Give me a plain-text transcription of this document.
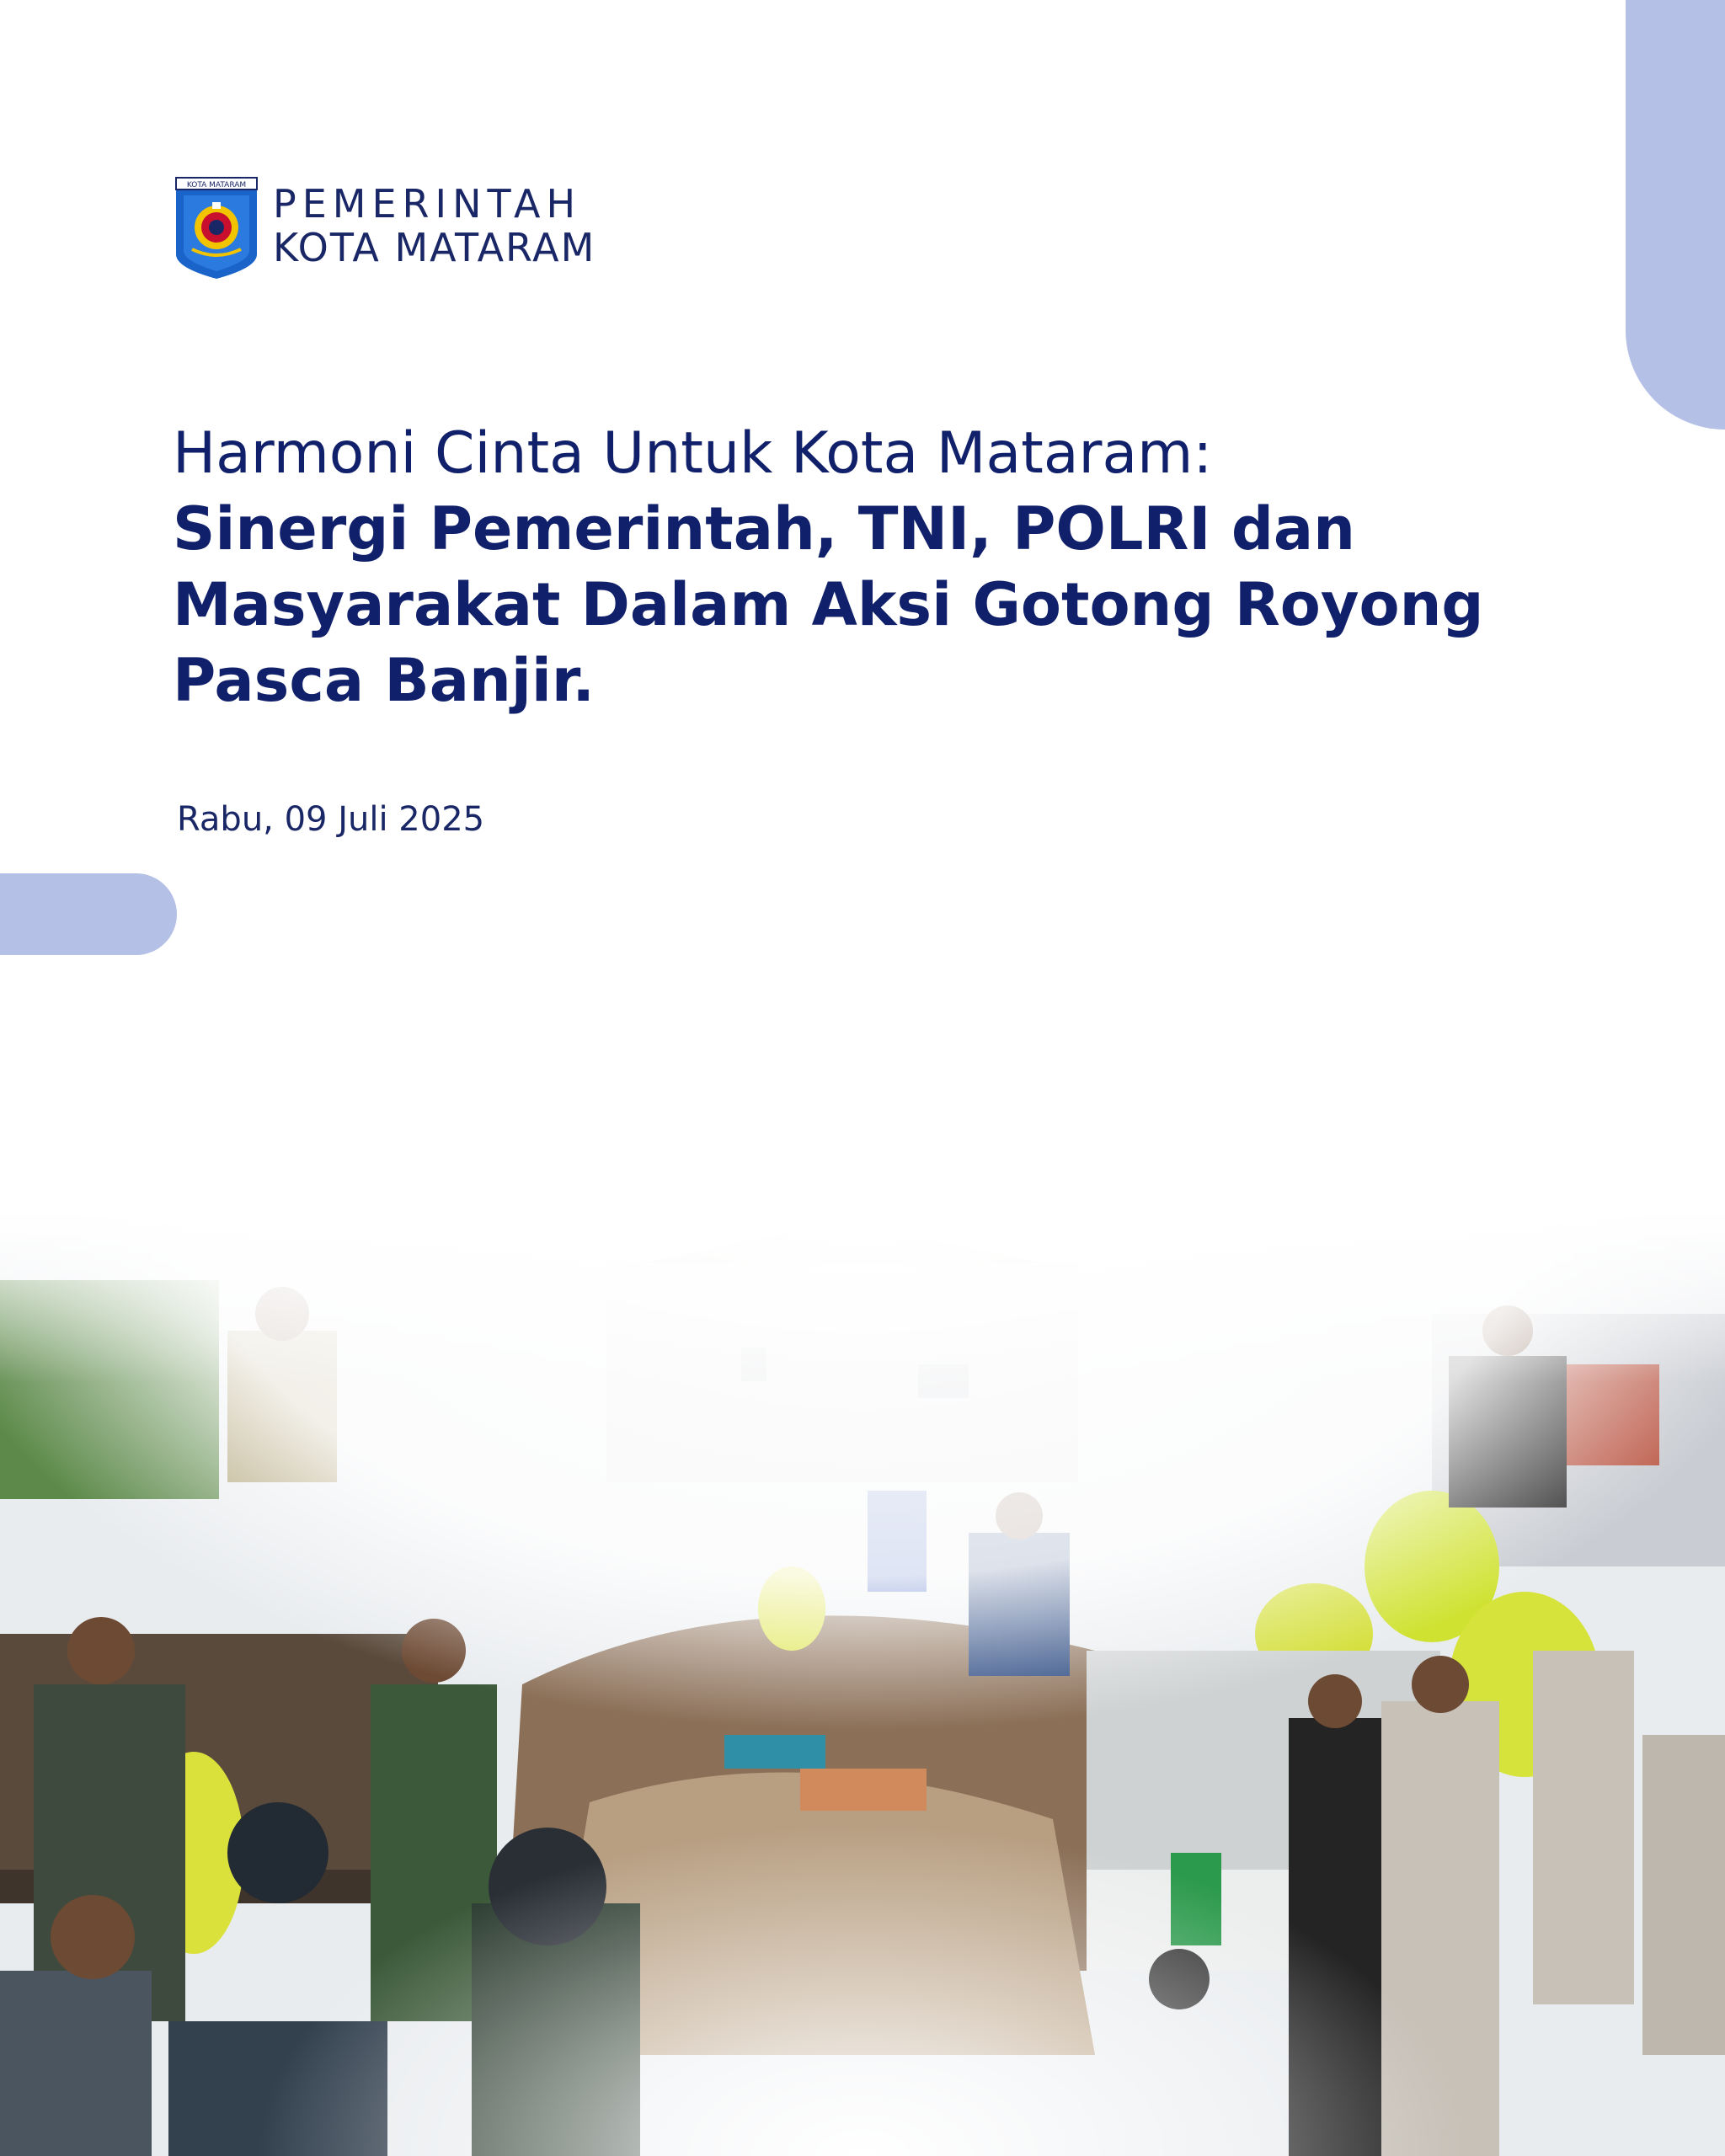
KOTA MATARAM PEMERINTAH
KOTA MATARAM

Harmoni Cinta Untuk Kota Mataram:

Sinergi Pemerintah, TNI, POLRI dan

Masyarakat Dalam Aksi Gotong Royong

Pasca Banjir.

Rabu, 09 Juli 2025
